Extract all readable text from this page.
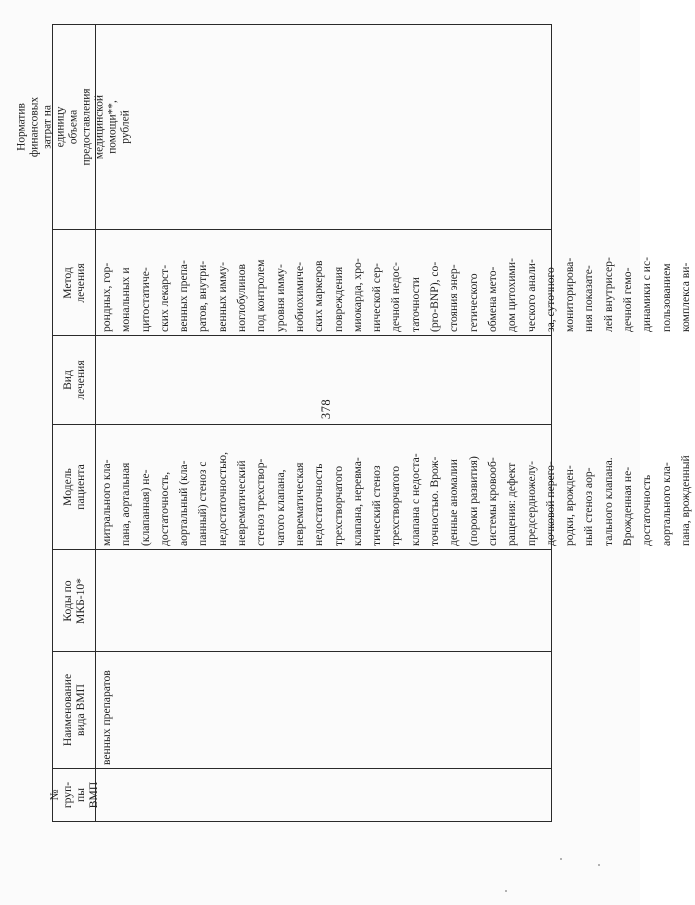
378
№ груп-
пы
ВМП
Наименование
вида ВМП
Коды по
МКБ-10*
Модель пациента
Вид лечения
Метод лечения
Норматив финансовых затрат на
единицу объема предоставления
медицинской помощи**, рублей
венных препаратов
митрального кла-
пана, аортальная
(клапанная) не-
достаточность,
аортальный (кла-
панный) стеноз с
недостаточностью,
неврематический
стеноз трехствор-
чатого клапана,
неврематическая
недостаточность
трехстворчатого
клапана, неревма-
тический стеноз
трехстворчатого
клапана с недоста-
точностью. Врож-
денные аномалии
(пороки развития)
системы кровооб-
ращения: дефект
предсердножелу-
дочковой перего-
родки, врожден-
ный стеноз аор-
тального клапана.
Врожденная не-
достаточность
аортального кла-
пана, врожденный
рондных, гор-
мональных и
цитостатиче-
ских лекарст-
венных препа-
ратов, внутри-
венных имму-
ноглобулинов
под контролем
уровня имму-
нобиохимиче-
ских маркеров
повреждения
миокарда, хро-
нической сер-
дечной недос-
таточности
(pro-BNP), со-
стояния энер-
гетического
обмена мето-
дом цитохими-
ческого анали-
за, суточного
мониторирова-
ния показате-
лей внутрисер-
дечной гемо-
динамики с ис-
пользованием
комплекса ви-
